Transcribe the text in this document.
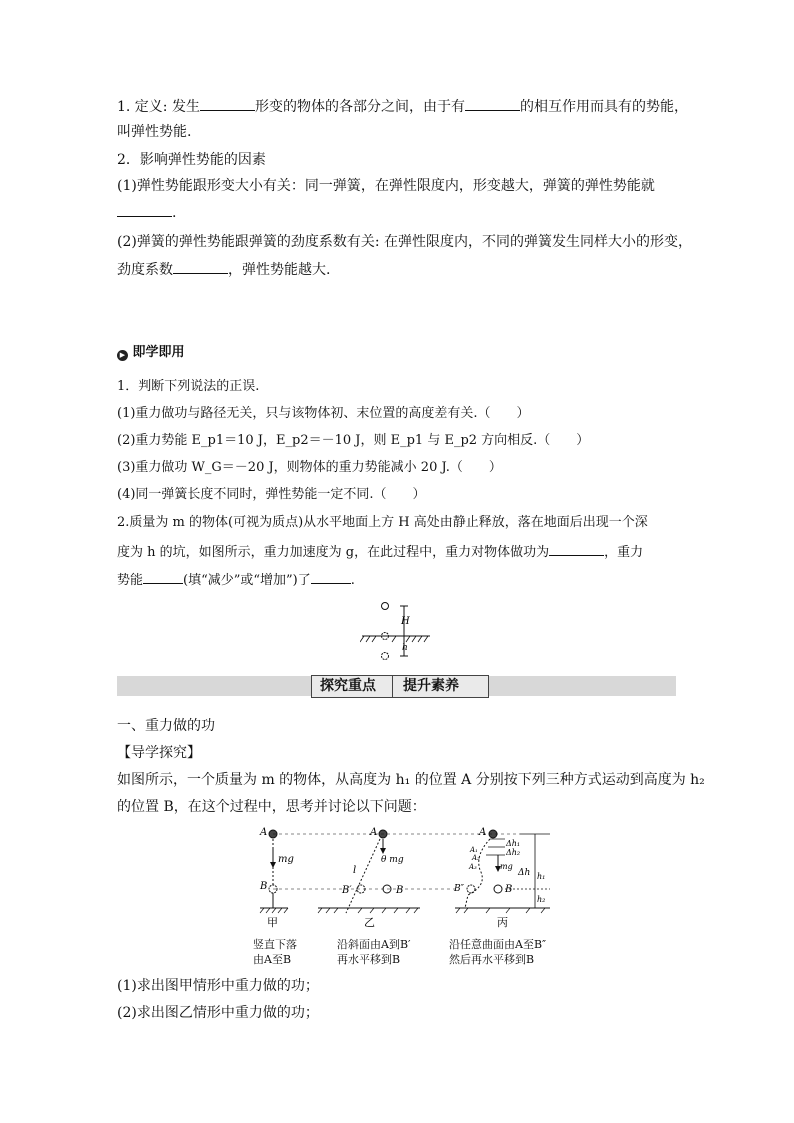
1. 定义: 发生	形变的物体的各部分之间，由于有	的相互作用而具有的势能，
叫弹性势能.
2．影响弹性势能的因素
(1)弹性势能跟形变大小有关：同一弹簧，在弹性限度内，形变越大，弹簧的弹性势能就
.
(2)弹簧的弹性势能跟弹簧的劲度系数有关: 在弹性限度内，不同的弹簧发生同样大小的形变，
劲度系数	，弹性势能越大.
▶ 即学即用
1．判断下列说法的正误.
(1)重力做功与路径无关，只与该物体初、末位置的高度差有关.（　　）
(2)重力势能 E_p1＝10 J，E_p2＝－10 J，则 E_p1 与 E_p2 方向相反.（　　）
(3)重力做功 W_G＝－20 J，则物体的重力势能减小 20 J.（　　）
(4)同一弹簧长度不同时，弹性势能一定不同.（　　）
2.质量为 m 的物体(可视为质点)从水平地面上方 H 高处由静止释放，落在地面后出现一个深
度为 h 的坑，如图所示，重力加速度为 g，在此过程中，重力对物体做功为	，重力
势能	(填“减少”或“增加”)了	.
H
h
探究重点 提升素养
一、重力做的功
【导学探究】
如图所示，一个质量为 m 的物体，从高度为 h₁ 的位置 A 分别按下列三种方式运动到高度为 h₂
的位置 B，在这个过程中，思考并讨论以下问题：
A
mg
B
甲
A
θ mg
l
B′	B
乙
A
A₁
A₂
A₃
Δh₁
Δh₂
mg
B″	B
Δh h₁
h₂
丙
竖直下落
由A至B
沿斜面由A到B′
再水平移到B
沿任意曲面由A至B″
然后再水平移到B
(1)求出图甲情形中重力做的功；
(2)求出图乙情形中重力做的功；
